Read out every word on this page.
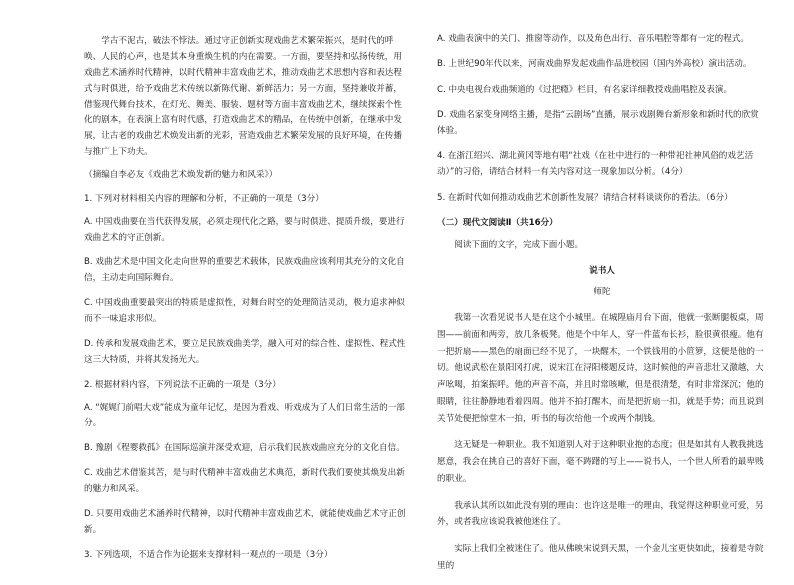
学古不泥古，破法不悖法。通过守正创新实现戏曲艺术繁荣振兴，是时代的呼唤、人民的心声，也是其本身重焕生机的内在需要。一方面，要坚持和弘扬传统，用戏曲艺术涵养时代精神，以时代精神丰富戏曲艺术，推动戏曲艺术思想内容和表达程式与时俱进，给予戏曲艺术传统以新陈代谢、新鲜活力；另一方面，坚持兼收并蓄，借鉴现代舞台技术，在灯光、舞美、服装、题材等方面丰富戏曲艺术，继续探索个性化的剧本，在表演上富有时代感，打造戏曲艺术的精品，在传统中创新，在继承中发展，让古老的戏曲艺术焕发出新的光彩，营造戏曲艺术繁荣发展的良好环境，在传播与推广上下功夫。

（摘编自李必友《戏曲艺术焕发新的魅力和风采》）

1. 下列对材料相关内容的理解和分析，不正确的一项是（3分）

A. 中国戏曲要在当代获得发展，必须走现代化之路，要与时俱进、提质升级，要进行戏曲艺术的守正创新。

B. 戏曲艺术是中国文化走向世界的重要艺术载体，民族戏曲应该利用其充分的文化自信，主动走向国际舞台。

C. 中国戏曲重要最突出的特质是虚拟性，对舞台时空的处理简洁灵动，极力追求神似而不一味追求形似。

D. 传承和发展戏曲艺术，要立足民族戏曲美学，融入可对的综合性、虚拟性、程式性这三大特质，并将其发扬光大。

2. 根据材料内容，下列说法不正确的一项是（3分）

A. “娓娓门前唱大戏”能成为童年记忆，是因为看戏、听戏成为了人们日常生活的一部分。

B. 豫剧《程婴救孤》在国际巡演并深受欢迎，启示我们民族戏曲应充分的文化自信。

C. 戏曲艺术借鉴其苦，是与时代精神丰富戏曲艺术典范，新时代我们要使其焕发出新的魅力和风采。

D. 只要用戏曲艺术涵养时代精神，以时代精神丰富戏曲艺术，就能使戏曲艺术守正创新。

3. 下列选项，不适合作为论据来支撑材料一观点的一项是（3分）

A. 戏曲表演中的关门、推窗等动作，以及角色出行、音乐唱腔等都有一定的程式。

B. 上世纪90年代以来，河南戏曲界发起戏曲作品进校园（国内外高校）演出活动。

C. 中央电视台戏曲频道的《过把瘾》栏目，有名家详细教授戏曲唱腔及表演。

D. 戏曲名家变身网络主播，是指“云剧场”直播，展示戏剧舞台新形象和新时代的欣赏体验。

4. 在浙江绍兴、湖北黄冈等地有唱“社戏（在社中进行的一种带祀社神风俗的戏艺活动）”的习俗，请结合材料一有关内容对这一现象加以分析。（4分）

5. 在新时代如何推动戏曲艺术创新性发展？请结合材料谈谈你的看法。（6分）

（二）现代文阅读Ⅱ（共16分）

阅读下面的文字，完成下面小题。

说书人

师陀

我第一次看见说书人是在这个小城里。在城隍庙月台下面，他就一张断腿板桌，周围——前面和两旁，放几条板凳。他是个中年人，穿一件蓝布长衫，脸很黄很瘦。他有一把折扇——黑色的扇面已经不见了，一块醒木，一个铁钱用的小笸箩，这便是他的一切。他说武松在景阳冈打虎，说宋江在浔阳楼题反诗，这时候他的声音悲壮又激越，大声吆喝，拍案振呼。他的声音不高，并且时常咳嗽，但是很清楚，有时非常深沉；他的眼睛，往往静静地看着四周。他并不拍打醒木，而是把折扇一扣，就是手势；而且说到关节处便把惊堂木一拍，听书的每次给他一个或两个制钱。

这无疑是一种职业。我不知道别人对于这种职业抱的态度；但是如其有人教我挑选愿意，我会在挑自己的喜好下面，毫不踌躇的写上——说书人，一个世人所看的最卑贱的职业。

我承认其所以如此没有别的理由：也许这是唯一的理由，我觉得这种职业可爱，另外，或者我应该说我被他迷住了。

实际上我们全被迷住了。他从佛映宋说到天黑，一个金儿宝更快如此，接着是寺院里的
